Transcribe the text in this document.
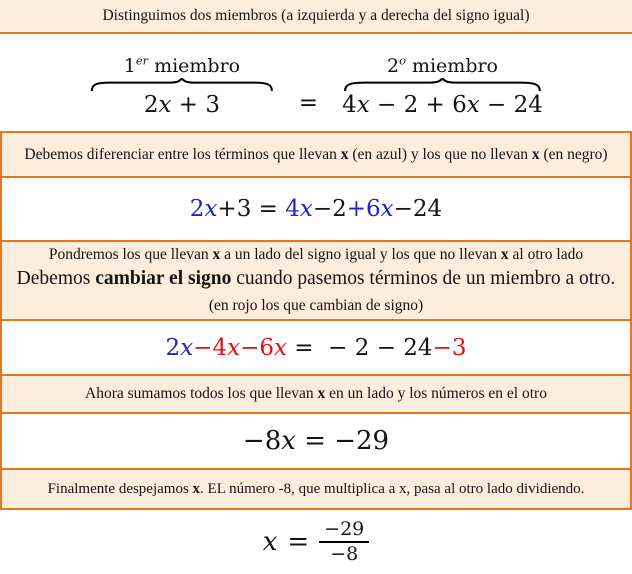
Distinguimos dos miembros (a izquierda y a derecha del signo igual)
1er miembro
2x + 3	=
$2^o$ miembro
4x − 2 + 6x − 24
Debemos diferenciar entre los términos que llevan x (en azul) y los que no llevan x (en negro)
2x+3 = 4x−2+6x−24
Pondremos los que llevan x a un lado del signo igual y los que no llevan x al otro lado
Debemos cambiar el signo cuando pasemos términos de un miembro a otro. (en rojo los que cambian de signo)
2x−4x−6x =  − 2 − 24−3
Ahora sumamos todos los que llevan x en un lado y los números en el otro
−8x = −29
Finalmente despejamos x. EL número -8, que multiplica a x, pasa al otro lado dividiendo.
$x = \frac{-29}{-8}$
